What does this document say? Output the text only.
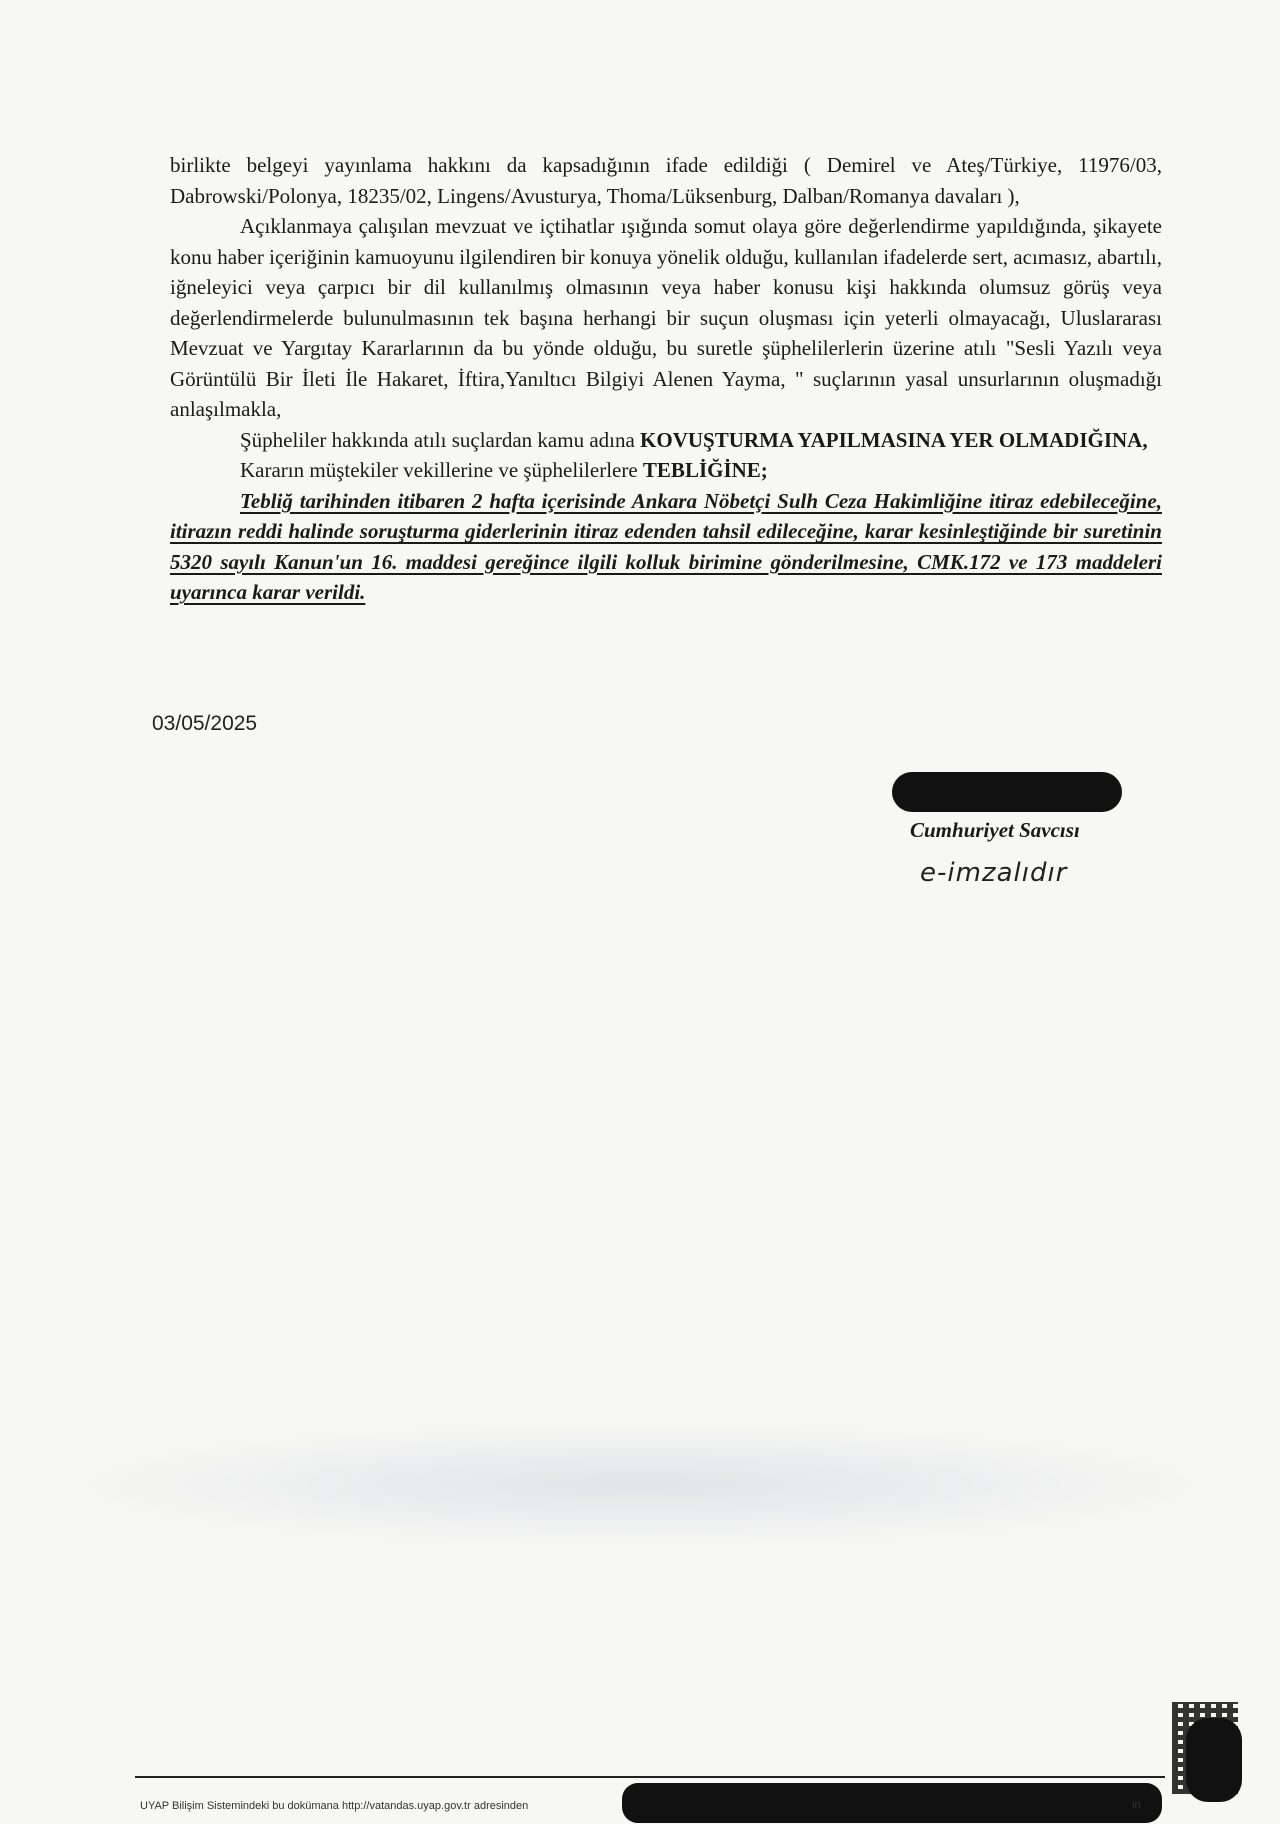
birlikte belgeyi yayınlama hakkını da kapsadığının ifade edildiği ( Demirel ve Ateş/Türkiye, 11976/03, Dabrowski/Polonya, 18235/02, Lingens/Avusturya, Thoma/Lüksenburg, Dalban/Romanya davaları ),

Açıklanmaya çalışılan mevzuat ve içtihatlar ışığında somut olaya göre değerlendirme yapıldığında, şikayete konu haber içeriğinin kamuoyunu ilgilendiren bir konuya yönelik olduğu, kullanılan ifadelerde sert, acımasız, abartılı, iğneleyici veya çarpıcı bir dil kullanılmış olmasının veya haber konusu kişi hakkında olumsuz görüş veya değerlendirmelerde bulunulmasının tek başına herhangi bir suçun oluşması için yeterli olmayacağı, Uluslararası Mevzuat ve Yargıtay Kararlarının da bu yönde olduğu, bu suretle şüphelilerlerin üzerine atılı "Sesli Yazılı veya Görüntülü Bir İleti İle Hakaret, İftira,Yanıltıcı Bilgiyi Alenen Yayma, " suçlarının yasal unsurlarının oluşmadığı anlaşılmakla,

Şüpheliler hakkında atılı suçlardan kamu adına KOVUŞTURMA YAPILMASINA YER OLMADIĞINA,

Kararın müştekiler vekillerine ve şüphelilerlere TEBLİĞİNE;

Tebliğ tarihinden itibaren 2 hafta içerisinde Ankara Nöbetçi Sulh Ceza Hakimliğine itiraz edebileceğine, itirazın reddi halinde soruşturma giderlerinin itiraz edenden tahsil edileceğine, karar kesinleştiğinde bir suretinin 5320 sayılı Kanun'un 16. maddesi gereğince ilgili kolluk birimine gönderilmesine, CMK.172 ve 173 maddeleri uyarınca karar verildi.

03/05/2025
Cumhuriyet Savcısı
e-imzalıdır
UYAP Bilişim Sistemindeki bu dokümana http://vatandas.uyap.gov.tr adresinden	in
